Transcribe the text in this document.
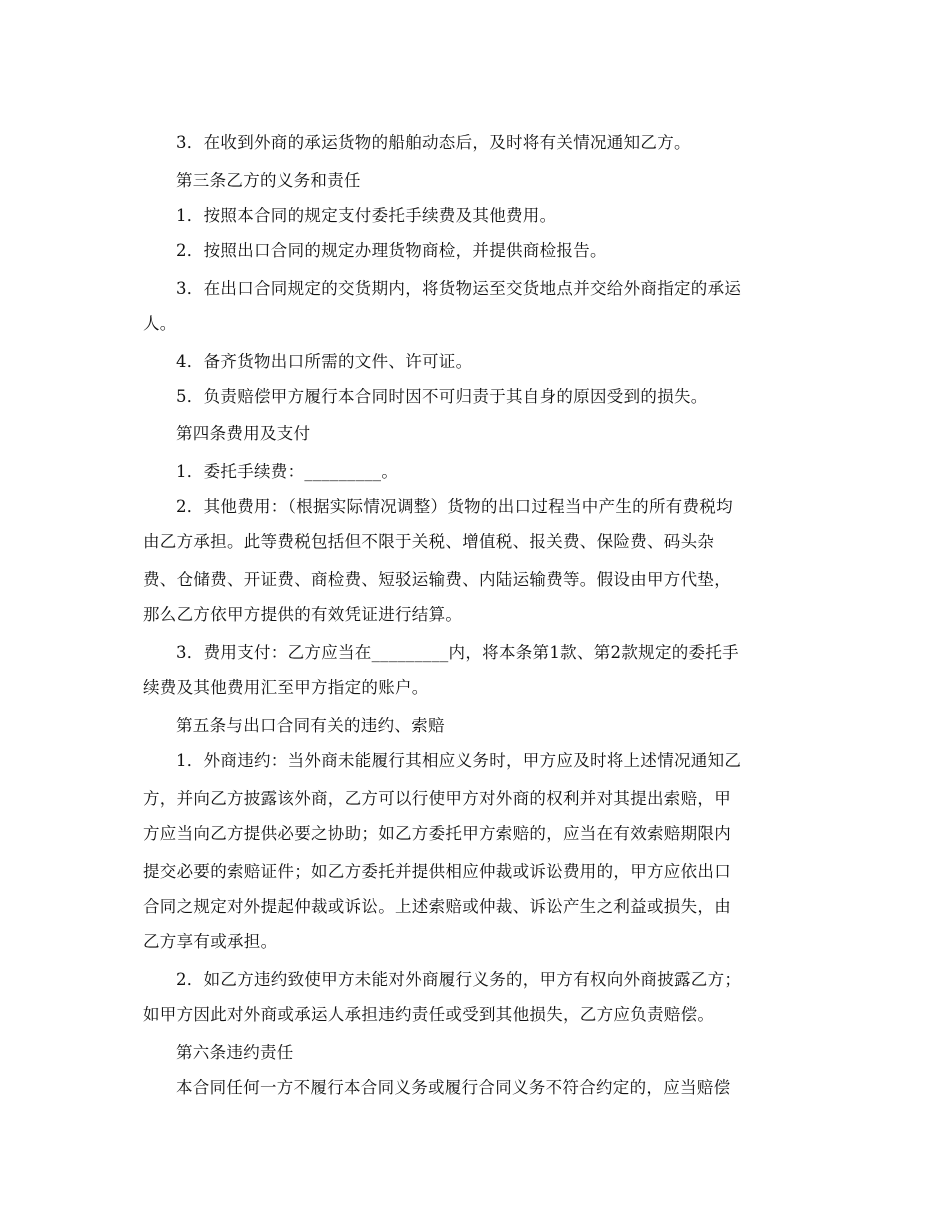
3．在收到外商的承运货物的船舶动态后，及时将有关情况通知乙方。
第三条乙方的义务和责任
1．按照本合同的规定支付委托手续费及其他费用。
2．按照出口合同的规定办理货物商检，并提供商检报告。
3．在出口合同规定的交货期内，将货物运至交货地点并交给外商指定的承运
人。
4．备齐货物出口所需的文件、许可证。
5．负责赔偿甲方履行本合同时因不可归责于其自身的原因受到的损失。
第四条费用及支付
1．委托手续费：_________。
2．其他费用：（根据实际情况调整）货物的出口过程当中产生的所有费税均
由乙方承担。此等费税包括但不限于关税、增值税、报关费、保险费、码头杂
费、仓储费、开证费、商检费、短驳运输费、内陆运输费等。假设由甲方代垫，
那么乙方依甲方提供的有效凭证进行结算。
3．费用支付：乙方应当在_________内，将本条第1款、第2款规定的委托手
续费及其他费用汇至甲方指定的账户。
第五条与出口合同有关的违约、索赔
1．外商违约：当外商未能履行其相应义务时，甲方应及时将上述情况通知乙
方，并向乙方披露该外商，乙方可以行使甲方对外商的权利并对其提出索赔，甲
方应当向乙方提供必要之协助；如乙方委托甲方索赔的，应当在有效索赔期限内
提交必要的索赔证件；如乙方委托并提供相应仲裁或诉讼费用的，甲方应依出口
合同之规定对外提起仲裁或诉讼。上述索赔或仲裁、诉讼产生之利益或损失，由
乙方享有或承担。
2．如乙方违约致使甲方未能对外商履行义务的，甲方有权向外商披露乙方；
如甲方因此对外商或承运人承担违约责任或受到其他损失，乙方应负责赔偿。
第六条违约责任
本合同任何一方不履行本合同义务或履行合同义务不符合约定的，应当赔偿
